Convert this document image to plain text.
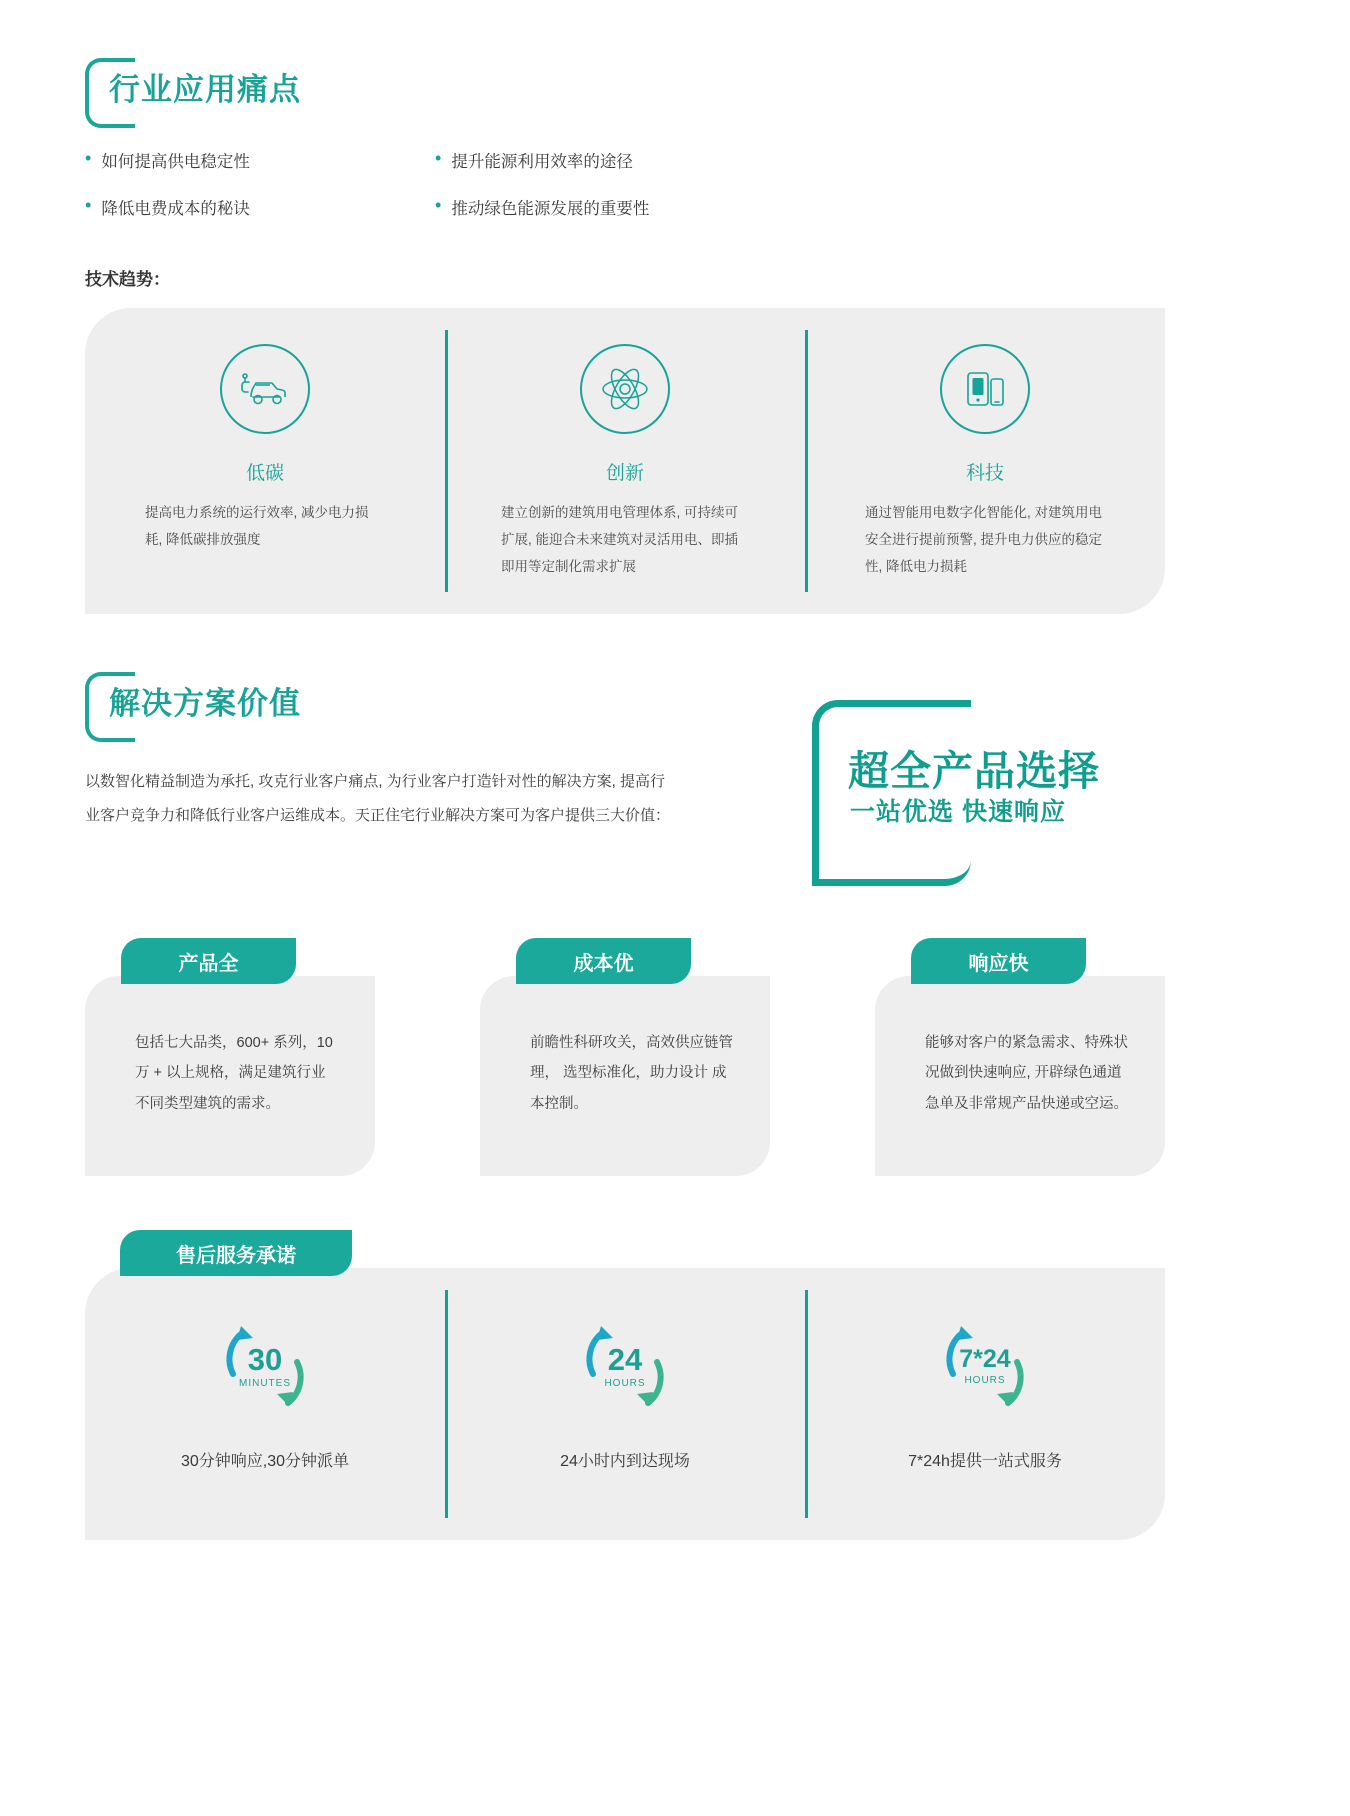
行业应用痛点
• 如何提高供电稳定性	• 提升能源利用效率的途径
• 降低电费成本的秘诀	• 推动绿色能源发展的重要性
技术趋势：
低碳
提高电力系统的运行效率, 减少电力损耗, 降低碳排放强度
创新
建立创新的建筑用电管理体系, 可持续可扩展, 能迎合未来建筑对灵活用电、即插即用等定制化需求扩展
科技
通过智能用电数字化智能化, 对建筑用电安全进行提前预警, 提升电力供应的稳定性, 降低电力损耗
解决方案价值
以数智化精益制造为承托, 攻克行业客户痛点, 为行业客户打造针对性的解决方案, 提高行业客户竞争力和降低行业客户运维成本。天正住宅行业解决方案可为客户提供三大价值：
超全产品选择
一站优选 快速响应
产品全
包括七大品类，600+ 系列，10 万 + 以上规格，满足建筑行业 不同类型建筑的需求。
成本优
前瞻性科研攻关，高效供应链管理， 选型标准化，助力设计 成本控制。
响应快
能够对客户的紧急需求、特殊状况做到快速响应, 开辟绿色通道急单及非常规产品快递或空运。
售后服务承诺
30
MINUTES
30分钟响应,30分钟派单
24
HOURS
24小时内到达现场
7*24
HOURS
7*24h提供一站式服务
